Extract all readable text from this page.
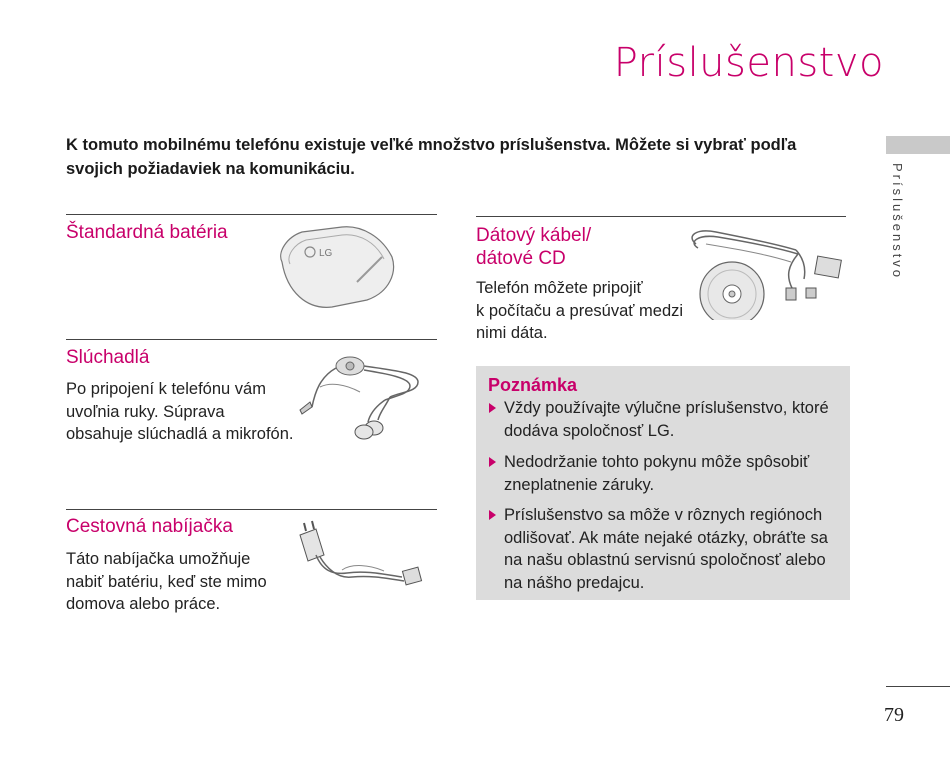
Príslušenstvo
K tomuto mobilnému telefónu existuje veľké množstvo príslušenstva. Môžete si vybrať podľa svojich požiadaviek na komunikáciu.	Príslušenstvo
Štandardná batéria
LG
Slúchadlá
Po pripojení k telefónu vám
uvoľnia ruky. Súprava
obsahuje slúchadlá a mikrofón.
Cestovná nabíjačka
Táto nabíjačka umožňuje
nabiť batériu, keď ste mimo
domova alebo práce.
Dátový kábel/
dátové CD
Telefón môžete pripojiť
k počítaču a presúvať medzi
nimi dáta.
Poznámka
Vždy používajte výlučne príslušenstvo, ktoré
dodáva spoločnosť LG.
Nedodržanie tohto pokynu môže spôsobiť
zneplatnenie záruky.
Príslušenstvo sa môže v rôznych regiónoch
odlišovať. Ak máte nejaké otázky, obráťte sa
na našu oblastnú servisnú spoločnosť alebo
na nášho predajcu.
79
